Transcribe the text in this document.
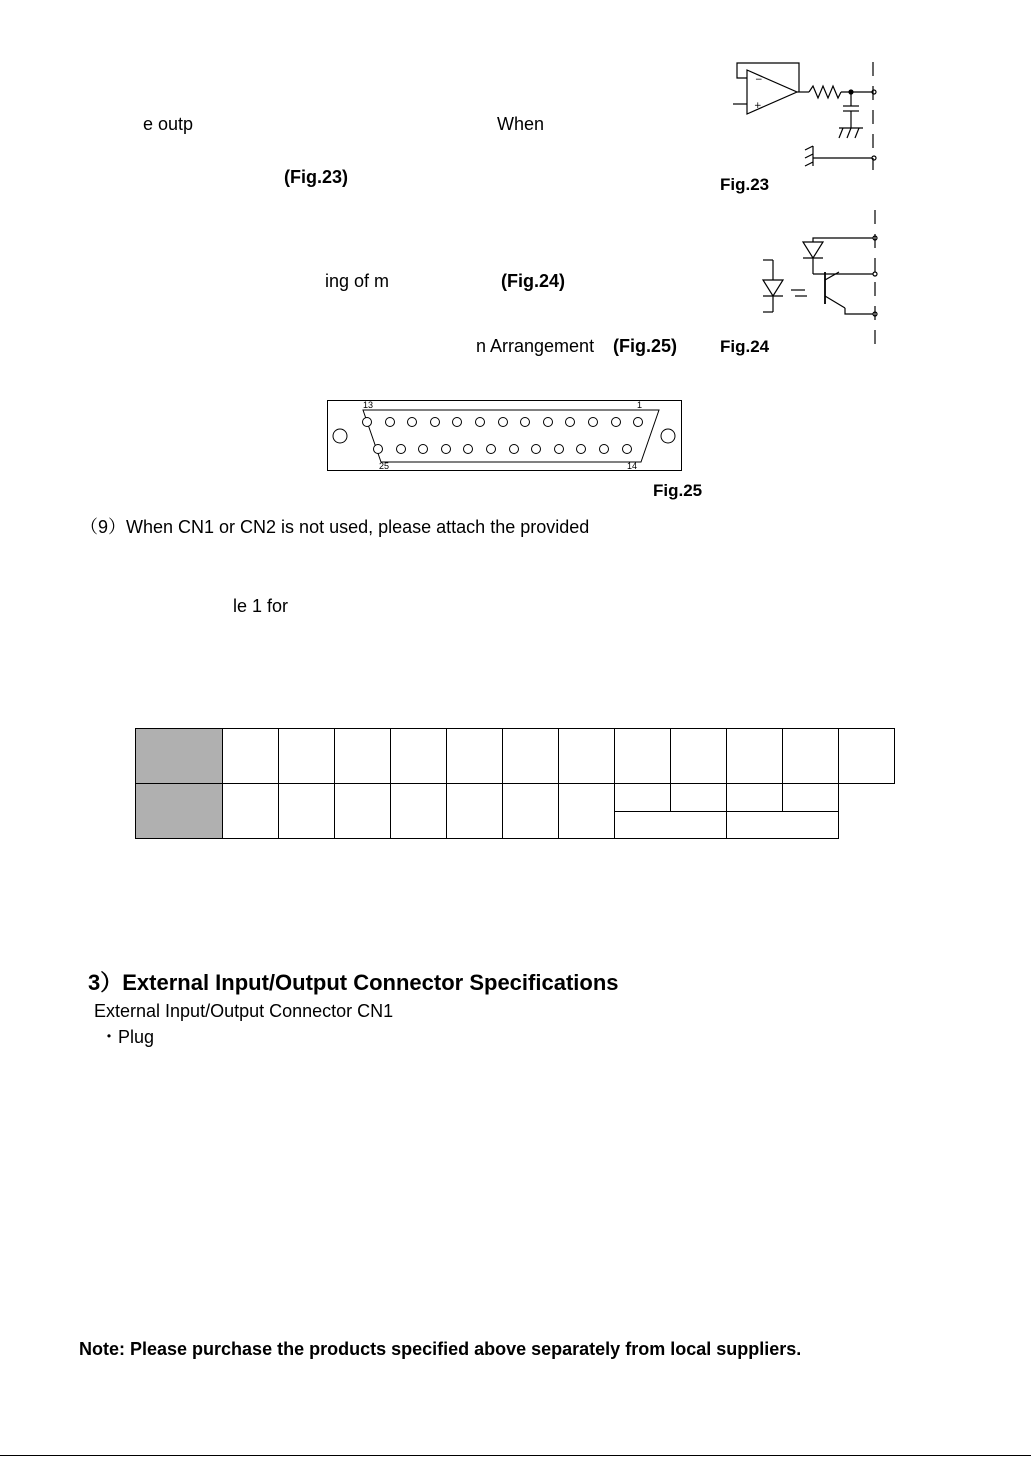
e outp	When
(Fig.23)
ing of m	(Fig.24)
n Arrangement (Fig.25)
（9）When CN1 or CN2 is not used, please attach the provided
le 1 for
−
+
Fig.23
Fig.24
13	1
25	14
Fig.25

3）External Input/Output Connector Specifications
External Input/Output Connector CN1
・Plug
Note: Please purchase the products specified above separately from local suppliers.
